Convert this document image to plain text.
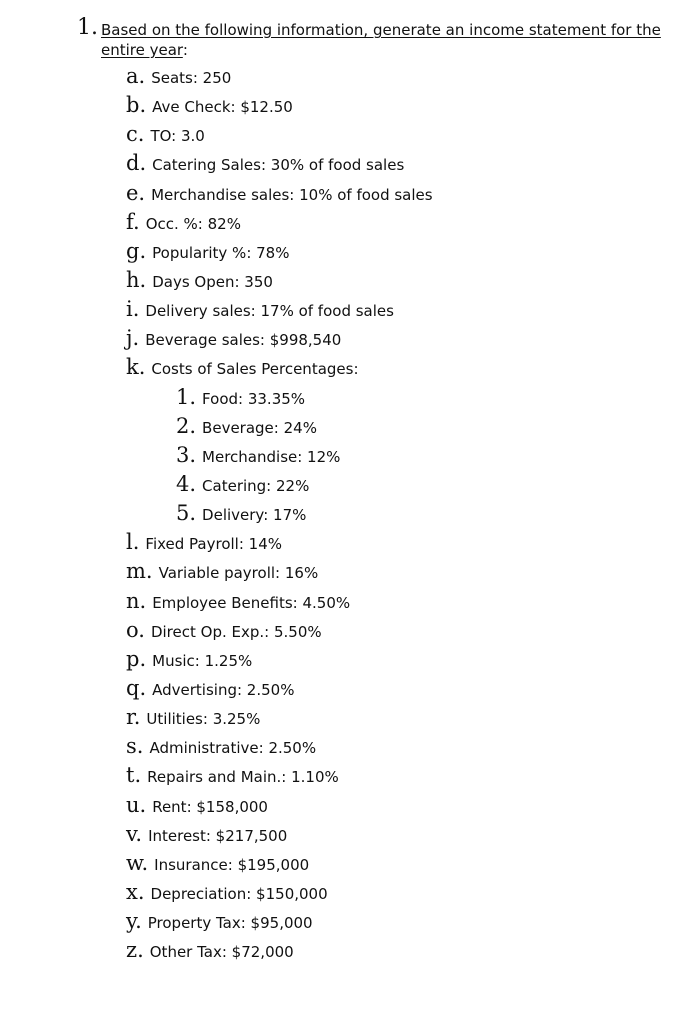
1. Based on the following information, generate an income statement for the entire year:
a. Seats: 250
b. Ave Check: $12.50
c. TO: 3.0
d. Catering Sales: 30% of food sales
e. Merchandise sales: 10% of food sales
f. Occ. %: 82%
g. Popularity %: 78%
h. Days Open: 350
i. Delivery sales: 17% of food sales
j. Beverage sales: $998,540
k. Costs of Sales Percentages:
1. Food: 33.35%
2. Beverage: 24%
3. Merchandise: 12%
4. Catering: 22%
5. Delivery: 17%
l. Fixed Payroll: 14%
m. Variable payroll: 16%
n. Employee Benefits: 4.50%
o. Direct Op. Exp.: 5.50%
p. Music: 1.25%
q. Advertising: 2.50%
r. Utilities: 3.25%
s. Administrative: 2.50%
t. Repairs and Main.: 1.10%
u. Rent: $158,000
v. Interest: $217,500
w. Insurance: $195,000
x. Depreciation: $150,000
y. Property Tax: $95,000
z. Other Tax: $72,000
